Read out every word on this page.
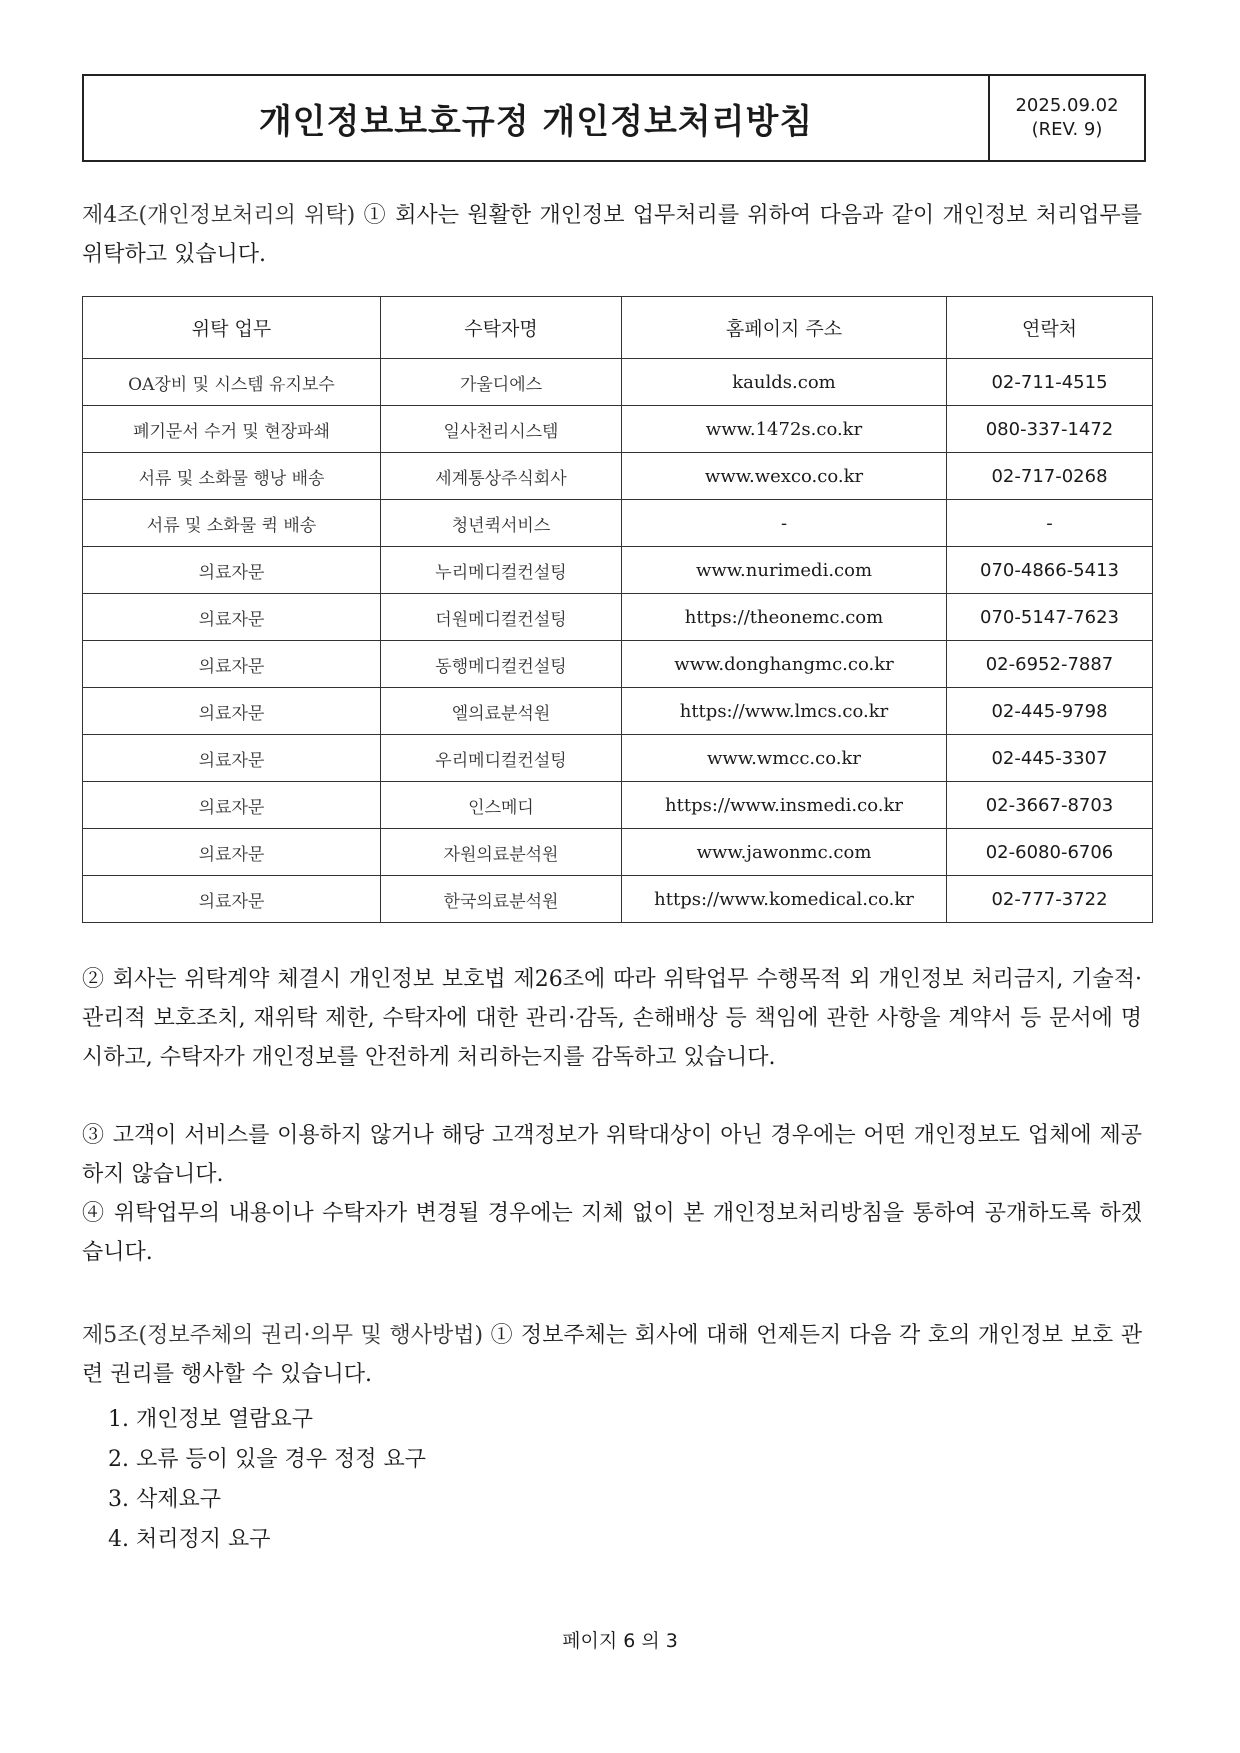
개인정보보호규정 개인정보처리방침	2025.09.02
(REV. 9)

제4조(개인정보처리의 위탁) ① 회사는 원활한 개인정보 업무처리를 위하여 다음과 같이 개인정보 처리업무를 위탁하고 있습니다.

위탁 업무	수탁자명	홈페이지 주소	연락처
OA장비 및 시스템 유지보수	가울디에스	kaulds.com	02-711-4515
폐기문서 수거 및 현장파쇄	일사천리시스템	www.1472s.co.kr	080-337-1472
서류 및 소화물 행낭 배송	세계통상주식회사	www.wexco.co.kr	02-717-0268
서류 및 소화물 퀵 배송	청년퀵서비스	-	-
의료자문	누리메디컬컨설팅	www.nurimedi.com	070-4866-5413
의료자문	더원메디컬컨설팅	https://theonemc.com	070-5147-7623
의료자문	동행메디컬컨설팅	www.donghangmc.co.kr	02-6952-7887
의료자문	엘의료분석원	https://www.lmcs.co.kr	02-445-9798
의료자문	우리메디컬컨설팅	www.wmcc.co.kr	02-445-3307
의료자문	인스메디	https://www.insmedi.co.kr	02-3667-8703
의료자문	자원의료분석원	www.jawonmc.com	02-6080-6706
의료자문	한국의료분석원	https://www.komedical.co.kr	02-777-3722

② 회사는 위탁계약 체결시 개인정보 보호법 제26조에 따라 위탁업무 수행목적 외 개인정보 처리금지, 기술적·관리적 보호조치, 재위탁 제한, 수탁자에 대한 관리·감독, 손해배상 등 책임에 관한 사항을 계약서 등 문서에 명시하고, 수탁자가 개인정보를 안전하게 처리하는지를 감독하고 있습니다.

③ 고객이 서비스를 이용하지 않거나 해당 고객정보가 위탁대상이 아닌 경우에는 어떤 개인정보도 업체에 제공하지 않습니다.

④ 위탁업무의 내용이나 수탁자가 변경될 경우에는 지체 없이 본 개인정보처리방침을 통하여 공개하도록 하겠습니다.

제5조(정보주체의 권리·의무 및 행사방법) ① 정보주체는 회사에 대해 언제든지 다음 각 호의 개인정보 보호 관련 권리를 행사할 수 있습니다.

1. 개인정보 열람요구
2. 오류 등이 있을 경우 정정 요구
3. 삭제요구
4. 처리정지 요구
페이지 6 의 3
